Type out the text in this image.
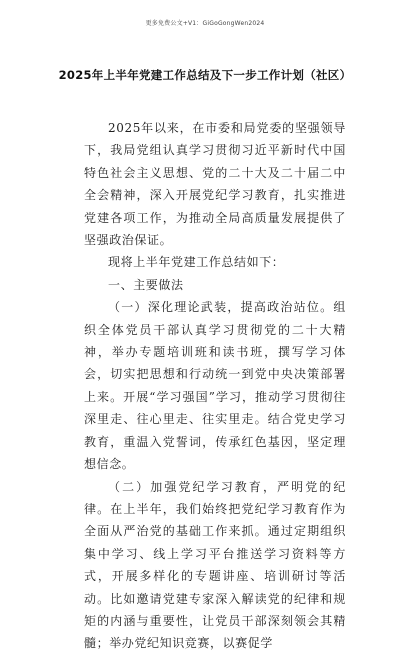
更多免费公文+V1：GiGoGongWen2024
2025年上半年党建工作总结及下一步工作计划（社区）

2025年以来，在市委和局党委的坚强领导下，我局党组认真学习贯彻习近平新时代中国特色社会主义思想、党的二十大及二十届二中全会精神，深入开展党纪学习教育，扎实推进党建各项工作，为推动全局高质量发展提供了坚强政治保证。

现将上半年党建工作总结如下：

一、主要做法

（一）深化理论武装，提高政治站位。组织全体党员干部认真学习贯彻党的二十大精神，举办专题培训班和读书班，撰写学习体会，切实把思想和行动统一到党中央决策部署上来。开展“学习强国”学习，推动学习贯彻往深里走、往心里走、往实里走。结合党史学习教育，重温入党誓词，传承红色基因，坚定理想信念。

（二）加强党纪学习教育，严明党的纪律。在上半年，我们始终把党纪学习教育作为全面从严治党的基础工作来抓。通过定期组织集中学习、线上学习平台推送学习资料等方式，开展多样化的专题讲座、培训研讨等活动。比如邀请党建专家深入解读党的纪律和规矩的内涵与重要性，让党员干部深刻领会其精髓；举办党纪知识竞赛，以赛促学
